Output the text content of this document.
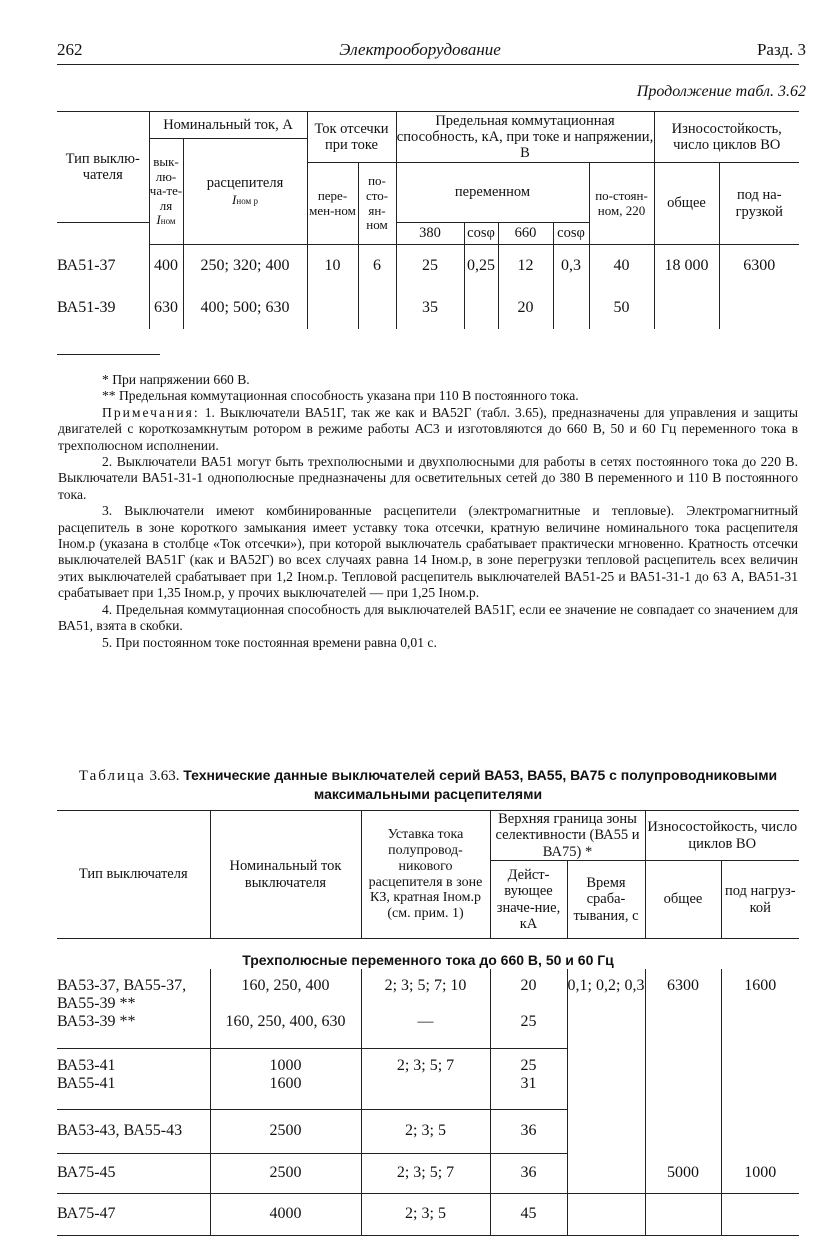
262	Электрооборудование	Разд. 3
Продолжение табл. 3.62
Тип выклю-чателя	Номинальный ток, А		Ток отсечки при токе		Предельная коммутационная способность, кА, при токе и напряжении, В					Износостойкость, число циклов ВО	
	вык-лю-ча-те-ля
Iном	расцепителя
Iном р									
			пере-мен-ном	по-сто-ян-ном	переменном				по-стоян-ном, 220	общее	под на-грузкой
					380	cosφ	660	cosφ			
ВА51-37	400	250; 320; 400	10	6	25	0,25	12	0,3	40	18 000	6300
ВА51-39	630	400; 500; 630			35		20		50		

* При напряжении 660 В.

** Предельная коммутационная способность указана при 110 В постоянного тока.

Примечания: 1. Выключатели ВА51Г, так же как и ВА52Г (табл. 3.65), предназначены для управления и защиты двигателей с короткозамкнутым ротором в режиме работы АС3 и изготовляются до 660 В, 50 и 60 Гц переменного тока в трехполюсном исполнении.

2. Выключатели ВА51 могут быть трехполюсными и двухполюсными для работы в сетях постоянного тока до 220 В. Выключатели ВА51-31-1 однополюсные предназначены для осветительных сетей до 380 В переменного и 110 В постоянного тока.

3. Выключатели имеют комбинированные расцепители (электромагнитные и тепловые). Электромагнитный расцепитель в зоне короткого замыкания имеет уставку тока отсечки, кратную величине номинального тока расцепителя Iном.р (указана в столбце «Ток отсечки»), при которой выключатель срабатывает практически мгновенно. Кратность отсечки выключателей ВА51Г (как и ВА52Г) во всех случаях равна 14 Iном.р, в зоне перегрузки тепловой расцепитель всех величин этих выключателей срабатывает при 1,2 Iном.р. Тепловой расцепитель выключателей ВА51-25 и ВА51-31-1 до 63 А, ВА51-31 срабатывает при 1,35 Iном.р, у прочих выключателей — при 1,25 Iном.р.

4. Предельная коммутационная способность для выключателей ВА51Г, если ее значение не совпадает со значением для ВА51, взята в скобки.

5. При постоянном токе постоянная времени равна 0,01 с.

Таблица 3.63. Технические данные выключателей серий ВА53, ВА55, ВА75 с полупроводниковыми максимальными расцепителями
Тип выключателя	Номинальный ток выключателя	Уставка тока полупровод-никового расцепителя в зоне КЗ, кратная Iном.р (см. прим. 1)	Верхняя граница зоны селективности (ВА55 и ВА75) *		Износостойкость, число циклов ВО	
			Дейст-вующее значе-ние, кА	Время сраба-тывания, с	общее	под нагруз-кой
Трехполюсные переменного тока до 660 В, 50 и 60 Гц						
ВА53-37, ВА55-37, ВА55-39 **	160, 250, 400	2; 3; 5; 7; 10	20	0,1; 0,2; 0,3	6300	1600
ВА53-39 **	160, 250, 400, 630	—	25			
ВА53-41	1000	2; 3; 5; 7	25			
ВА55-41	1600		31			
ВА53-43, ВА55-43	2500	2; 3; 5	36			
ВА75-45	2500	2; 3; 5; 7	36		5000	1000
ВА75-47	4000	2; 3; 5	45			
